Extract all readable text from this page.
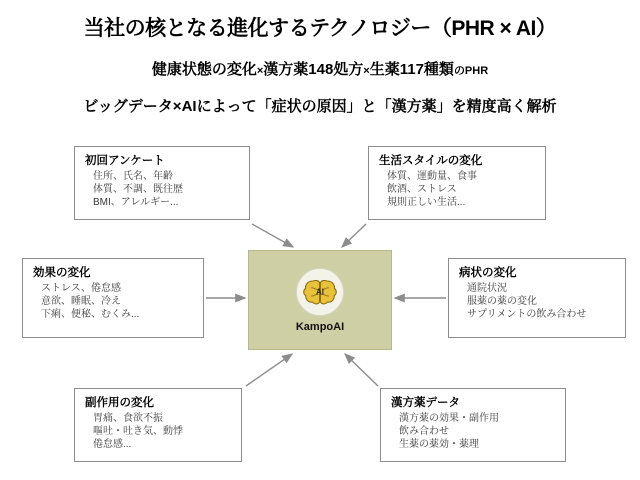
当社の核となる進化するテクノロジー（PHR × AI）
健康状態の変化×漢方薬148処方×生薬117種類のPHR
ビッグデータ×AIによって「症状の原因」と「漢方薬」を精度高く解析
AI
KampoAI
初回アンケート
住所、氏名、年齢
体質、不調、既往歴
BMI、アレルギー...
生活スタイルの変化
体質、運動量、食事
飲酒、ストレス
規則正しい生活...
効果の変化
ストレス、倦怠感
意欲、睡眠、冷え
下痢、便秘、むくみ...
病状の変化
通院状況
服薬の薬の変化
サプリメントの飲み合わせ
副作用の変化
胃痛、食欲不振
嘔吐・吐き気、動悸
倦怠感...
漢方薬データ
漢方薬の効果・副作用
飲み合わせ
生薬の薬効・薬理
